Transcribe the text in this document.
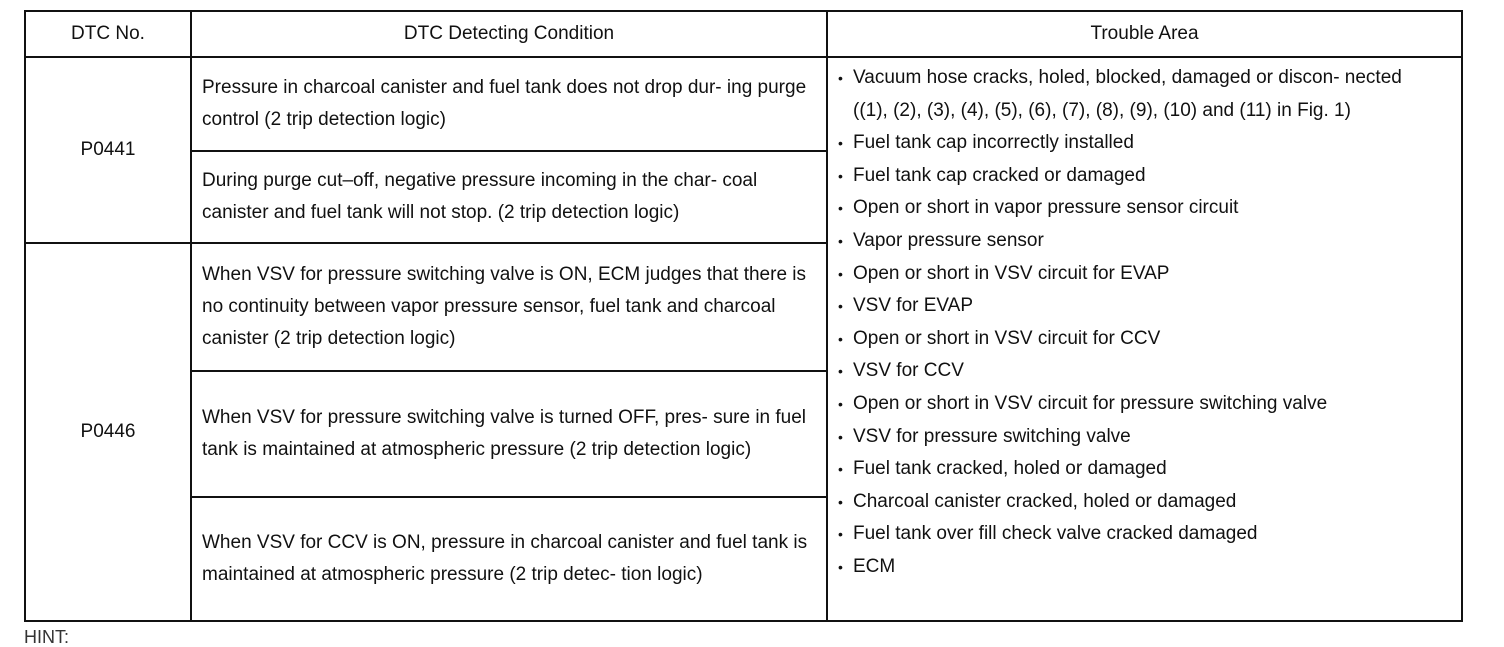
DTC No.	DTC Detecting Condition	Trouble Area
P0441
Pressure in charcoal canister and fuel tank does not drop dur- ing purge control (2 trip detection logic)
During purge cut–off, negative pressure incoming in the char- coal canister and fuel tank will not stop. (2 trip detection logic)
P0446
When VSV for pressure switching valve is ON, ECM judges that there is no continuity between vapor pressure sensor, fuel tank and charcoal canister (2 trip detection logic)
When VSV for pressure switching valve is turned OFF, pres- sure in fuel tank is maintained at atmospheric pressure (2 trip detection logic)
When VSV for CCV is ON, pressure in charcoal canister and fuel tank is maintained at atmospheric pressure (2 trip detec- tion logic)
• Vacuum hose cracks, holed, blocked, damaged or discon- nected ((1), (2), (3), (4), (5), (6), (7), (8), (9), (10) and (11) in Fig. 1)
• Fuel tank cap incorrectly installed
• Fuel tank cap cracked or damaged
• Open or short in vapor pressure sensor circuit
• Vapor pressure sensor
• Open or short in VSV circuit for EVAP
• VSV for EVAP
• Open or short in VSV circuit for CCV
• VSV for CCV
• Open or short in VSV circuit for pressure switching valve
• VSV for pressure switching valve
• Fuel tank cracked, holed or damaged
• Charcoal canister cracked, holed or damaged
• Fuel tank over fill check valve cracked damaged
• ECM
HINT:
